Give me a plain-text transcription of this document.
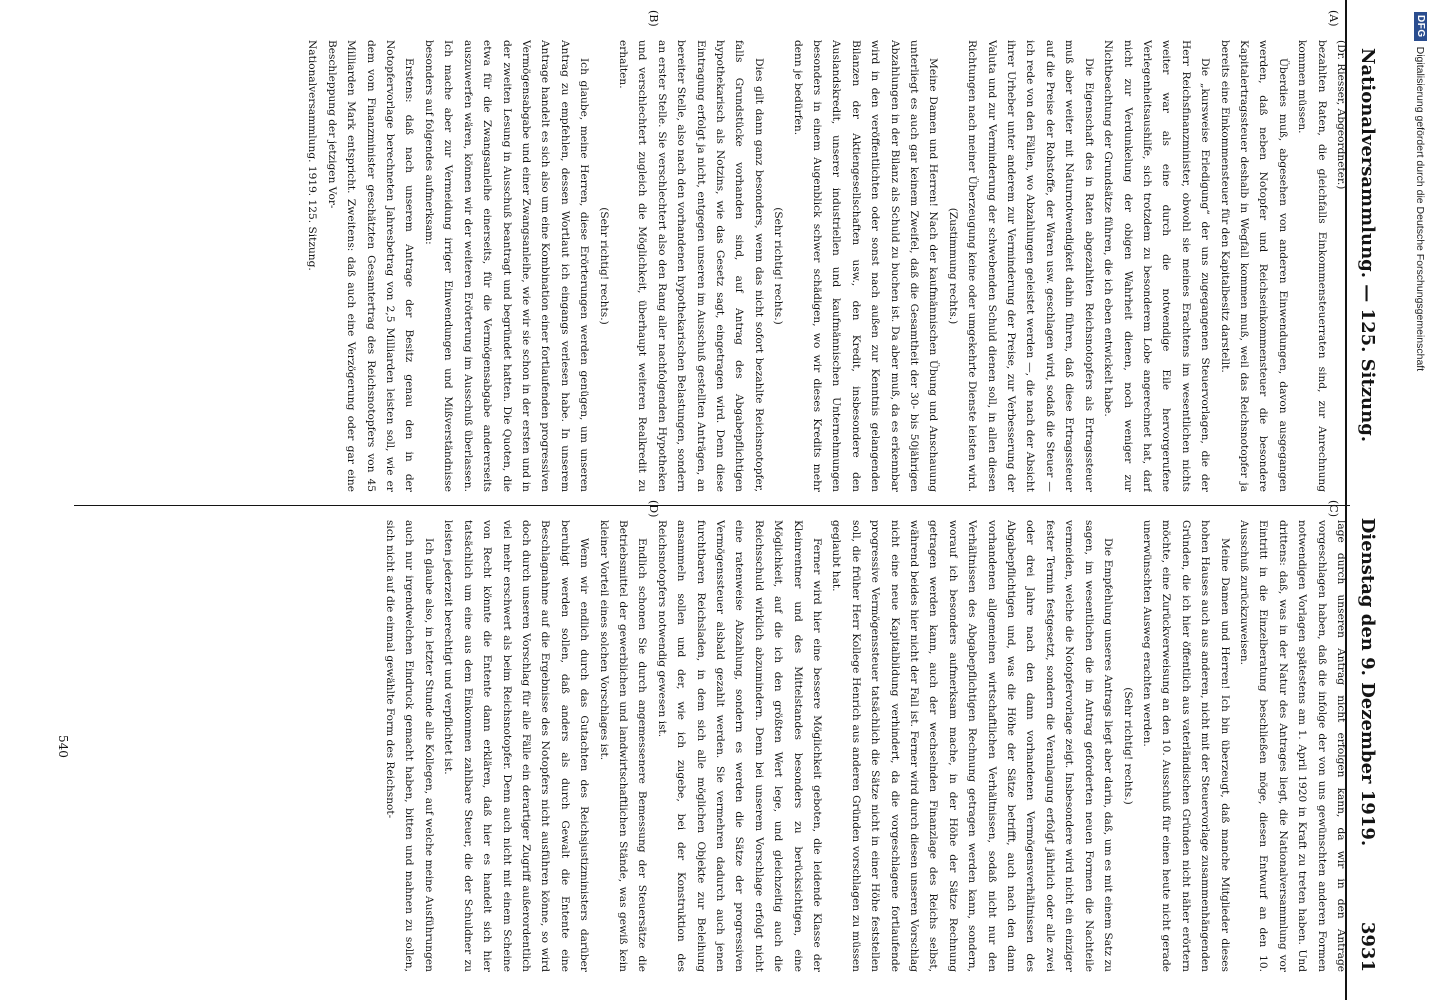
(Dr. Riesser, Abgeordneter.)

bezahlten Raten, die gleichfalls Einkommensteuerraten sind, zur Anrechnung kommen müssen.

Überdies muß, abgesehen von anderen Einwendungen, davon ausgegangen werden, daß neben Notopfer und Reichseinkommensteuer die besondere Kapitalertragssteuer deshalb in Wegfall kommen muß, weil das Reichsnotopfer ja bereits eine Einkommensteuer für den Kapitalbesitz darstellt.

Die „kursweise Erledigung“ der uns zugegangenen Steuervorlagen, die der Herr Reichsfinanzminister, obwohl sie meines Erachtens im wesentlichen nichts weiter war als eine durch die notwendige Eile hervorgerufene Verlegenheitsaushilfe, sich trotzdem zu besonderem Lobe angerechnet hat, darf nicht zur Verdunkelung der obigen Wahrheit dienen, noch weniger zur Nichtbeachtung der Grundsätze führen, die ich eben entwickelt habe.

Die Eigenschaft des in Raten abgezahlten Reichsnotopfers als Ertragssteuer muß aber weiter mit Naturnotwendigkeit dahin führen, daß diese Ertragssteuer auf die Preise der Rohstoffe, der Waren usw. geschlagen wird, sodaß die Steuer — ich rede von den Fällen, wo Abzahlungen geleistet werden —, die nach der Absicht ihrer Urheber unter anderem zur Verminderung der Preise, zur Verbesserung der Valuta und zur Verminderung der schwebenden Schuld dienen soll, in allen diesen Richtungen nach meiner Überzeugung keine oder umgekehrte Dienste leisten wird.

(Zustimmung rechts.)

Meine Damen und Herren! Nach der kaufmännischen Übung und Anschauung unterliegt es auch gar keinem Zweifel, daß die Gesamtheit der 30- bis 50jährigen Abzahlungen in der Bilanz als Schuld zu buchen ist. Da aber muß, da es erkennbar wird in den veröffentlichten oder sonst nach außen zur Kenntnis gelangenden Bilanzen der Aktiengesellschaften usw., den Kredit, insbesondere den Auslandskredit, unserer industriellen und kaufmännischen Unternehmungen besonders in einem Augenblick schwer schädigen, wo wir dieses Kredits mehr denn je bedürfen.

(Sehr richtig! rechts.)

Dies gilt dann ganz besonders, wenn das nicht sofort bezahlte Reichsnotopfer, falls Grundstücke vorhanden sind, auf Antrag des Abgabepflichtigen hypothekarisch als Notzins, wie das Gesetz sagt, eingetragen wird. Denn diese Eintragung erfolgt ja nicht, entgegen unseren im Ausschuß gestellten Anträgen, an bereiter Stelle, also nach den vorhandenen hypothekarischen Belastungen, sondern an erster Stelle. Sie verschlechtert also den Rang aller nachfolgenden Hypotheken und verschlechtert zugleich die Möglichkeit, überhaupt weiteren Realkredit zu erhalten.

(Sehr richtig! rechts.)

Ich glaube, meine Herren, diese Erörterungen werden genügen, um unseren Antrag zu empfehlen, dessen Wortlaut ich eingangs verlesen habe. In unserem Antrage handelt es sich also um eine Kombination einer fortlaufenden progressiven Vermögensabgabe und einer Zwangsanleihe, wie wir sie schon in der ersten und in der zweiten Lesung in Ausschuß beantragt und begründet hatten. Die Quoten, die etwa für die Zwangsanleihe einerseits, für die Vermögensabgabe andererseits auszuwerfen wären, können wir der weiteren Erörterung im Ausschuß überlassen. Ich mache aber zur Vermeidung irriger Einwendungen und Mißverständnisse besonders auf folgendes aufmerksam:

Erstens: daß nach unserem Antrage der Besitz genau den in der Notopfervorlage berechneten Jahresbetrag von 2,5 Milliarden leisten soll, wie er dem vom Finanzminister geschätzten Gesamtertrag des Reichsnotopfers von 45 Milliarden Mark entspricht. Zweitens: daß auch eine Verzögerung oder gar eine Beschleppung der jetzigen Vor-

Nationalversammlung. 1919. 125. Sitzung.

lage durch unseren Antrag nicht erfolgen kann, da wir in den Antrage vorgeschlagen haben, daß die infolge der von uns gewünschten anderen Formen notwendigen Vorlagen spätestens am 1. April 1920 in Kraft zu treten haben. Und drittens: daß, was in der Natur des Antrages liegt, die Nationalversammlung vor Eintritt in die Einzelberatung beschließen möge, diesen Entwurf an den 10. Ausschuß zurückzuweisen.

Meine Damen und Herren! Ich bin überzeugt, daß manche Mitglieder dieses hohen Hauses auch aus anderen, nicht mit der Steuervorlage zusammenhängenden Gründen, die ich hier öffentlich aus vaterländischen Gründen nicht näher erörtern möchte, eine Zurückverweisung an den 10. Ausschuß für einen heute nicht gerade unerwünschten Ausweg erachten werden.

(Sehr richtig! rechts.)

Die Empfehlung unseres Antrags liegt aber darin, daß, um es mit einem Satz zu sagen, im wesentlichen die im Antrag geforderten neuen Formen die Nachteile vermeiden, welche die Notopfervorlage zeigt. Insbesondere wird nicht ein einziger fester Termin festgesetzt, sondern die Veranlagung erfolgt jährlich oder alle zwei oder drei Jahre nach den dann vorhandenen Vermögensverhältnissen des Abgabepflichtigen und, was die Höhe der Sätze betrifft, auch nach den dann vorhandenen allgemeinen wirtschaftlichen Verhältnissen, sodaß nicht nur den Verhältnissen des Abgabepflichtigen Rechnung getragen werden kann, sondern, worauf ich besonders aufmerksam mache, in der Höhe der Sätze Rechnung getragen werden kann, auch der wechselnden Finanzlage des Reichs selbst, während beides hier nicht der Fall ist. Ferner wird durch diesen unseren Vorschlag nicht eine neue Kapitalbildung verhindert, da die vorgeschlagene fortlaufende progressive Vermögenssteuer tatsächlich die Sätze nicht in einer Höhe feststellen soll, die früher Herr Kollege Henrich aus anderen Gründen vorschlagen zu müssen geglaubt hat.

Ferner wird hier eine bessere Möglichkeit geboten, die leidende Klasse der Kleinrentner und des Mittelstandes besonders zu berücksichtigen, eine Möglichkeit, auf die ich den größten Wert lege, und gleichzeitig auch die Reichsschuld wirklich abzumindern. Denn bei unserem Vorschlage erfolgt nicht eine ratenweise Abzahlung, sondern es werden die Sätze der progressiven Vermögenssteuer alsbald gezahlt werden. Sie vermehren dadurch auch jenen furchtbaren Reichsladen, in dem sich alle möglichen Objekte zur Beleihung ansammeln sollen und der, wie ich zugebe, bei der Konstruktion des Reichsnotopfers notwendig gewesen ist.

Endlich schonen Sie durch angemessenere Bemessung der Steuersätze die Betriebsmittel der gewerblichen und landwirtschaftlichen Stände, was gewiß kein kleiner Vorteil eines solchen Vorschlages ist.

Wenn wir endlich durch das Gutachten des Reichsjustizministers darüber beruhigt werden sollen, daß anders als durch Gewalt die Entente eine Beschlagnahme auf die Ergebnisse des Notopfers nicht ausführen könne, so wird doch durch unseren Vorschlag für alle Fälle ein derartiger Zugriff außerordentlich viel mehr erschwert als beim Reichsnotopfer. Denn auch nicht mit einem Scheine von Recht könnte die Entente dann erklären, daß hier es handelt sich hier tatsächlich um eine aus dem Einkommen zahlbare Steuer, die der Schuldner zu leisten jederzeit berechtigt und verpflichtet ist.

Ich glaube also, in letzter Stunde alle Kollegen, auf welche meine Ausführungen auch nur irgendwelchen Eindruck gemacht haben, bitten und mahnen zu sollen, sich nicht auf die einmal gewählte Form des Reichsnot-

(A)
(B)
(C)
(D)
540
Nationalversammlung. — 125. Sitzung.
Dienstag den 9. Dezember 1919.
3931
DFG
Digitalisierung gefördert durch die Deutsche Forschungsgemeinschaft
